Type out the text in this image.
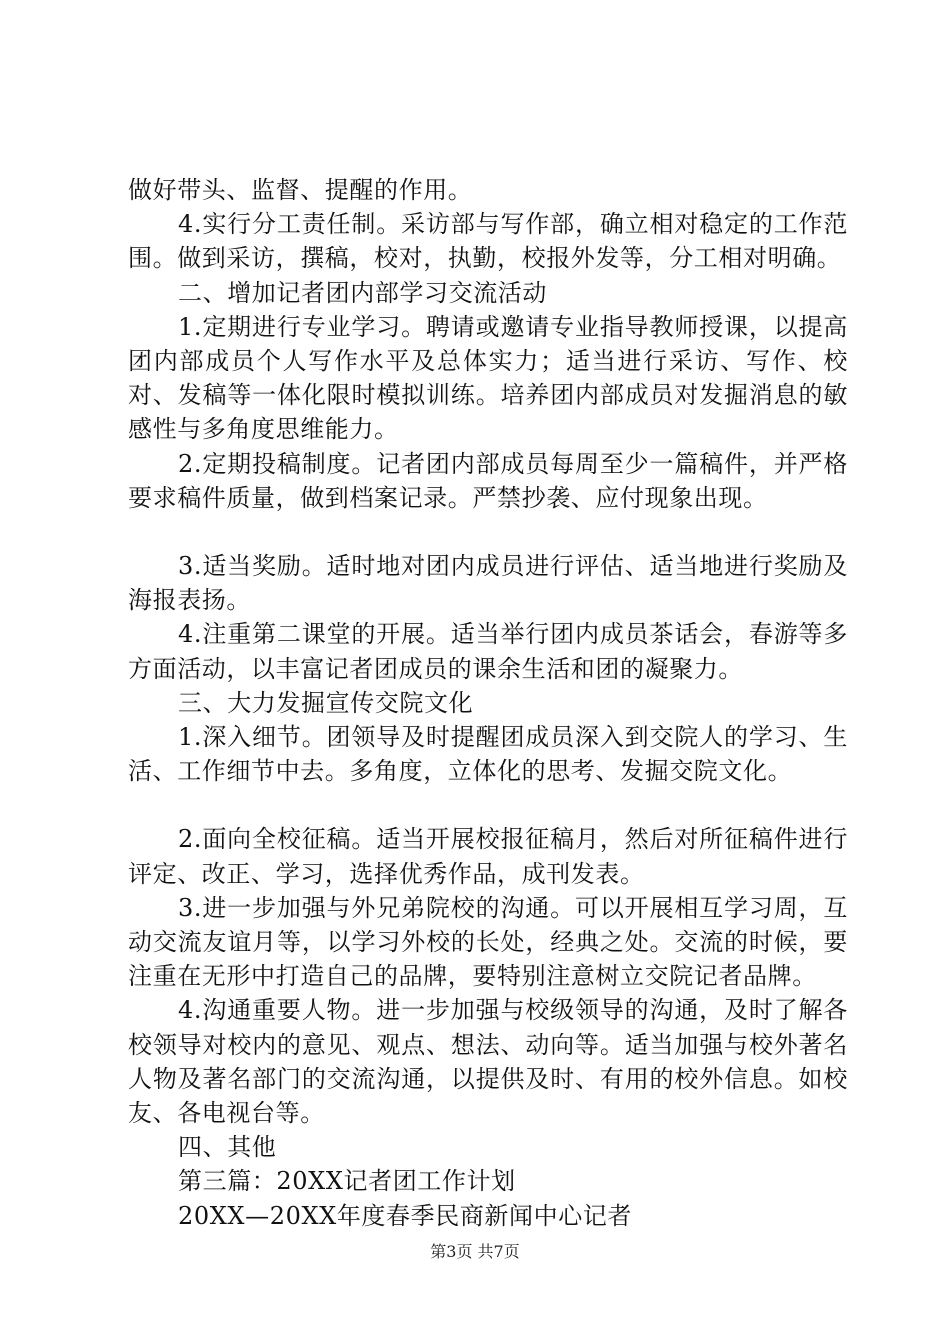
做好带头、监督、提醒的作用。

4.实行分工责任制。采访部与写作部，确立相对稳定的工作范围。做到采访，撰稿，校对，执勤，校报外发等，分工相对明确。

二、增加记者团内部学习交流活动

1.定期进行专业学习。聘请或邀请专业指导教师授课，以提高团内部成员个人写作水平及总体实力；适当进行采访、写作、校对、发稿等一体化限时模拟训练。培养团内部成员对发掘消息的敏感性与多角度思维能力。

2.定期投稿制度。记者团内部成员每周至少一篇稿件，并严格要求稿件质量，做到档案记录。严禁抄袭、应付现象出现。

3.适当奖励。适时地对团内成员进行评估、适当地进行奖励及海报表扬。

4.注重第二课堂的开展。适当举行团内成员茶话会，春游等多方面活动，以丰富记者团成员的课余生活和团的凝聚力。

三、大力发掘宣传交院文化

1.深入细节。团领导及时提醒团成员深入到交院人的学习、生活、工作细节中去。多角度，立体化的思考、发掘交院文化。

2.面向全校征稿。适当开展校报征稿月，然后对所征稿件进行评定、改正、学习，选择优秀作品，成刊发表。

3.进一步加强与外兄弟院校的沟通。可以开展相互学习周，互动交流友谊月等，以学习外校的长处，经典之处。交流的时候，要注重在无形中打造自己的品牌，要特别注意树立交院记者品牌。

4.沟通重要人物。进一步加强与校级领导的沟通，及时了解各校领导对校内的意见、观点、想法、动向等。适当加强与校外著名人物及著名部门的交流沟通，以提供及时、有用的校外信息。如校友、各电视台等。

四、其他

第三篇：20XX记者团工作计划

20XX—20XX年度春季民商新闻中心记者

第3页 共7页
